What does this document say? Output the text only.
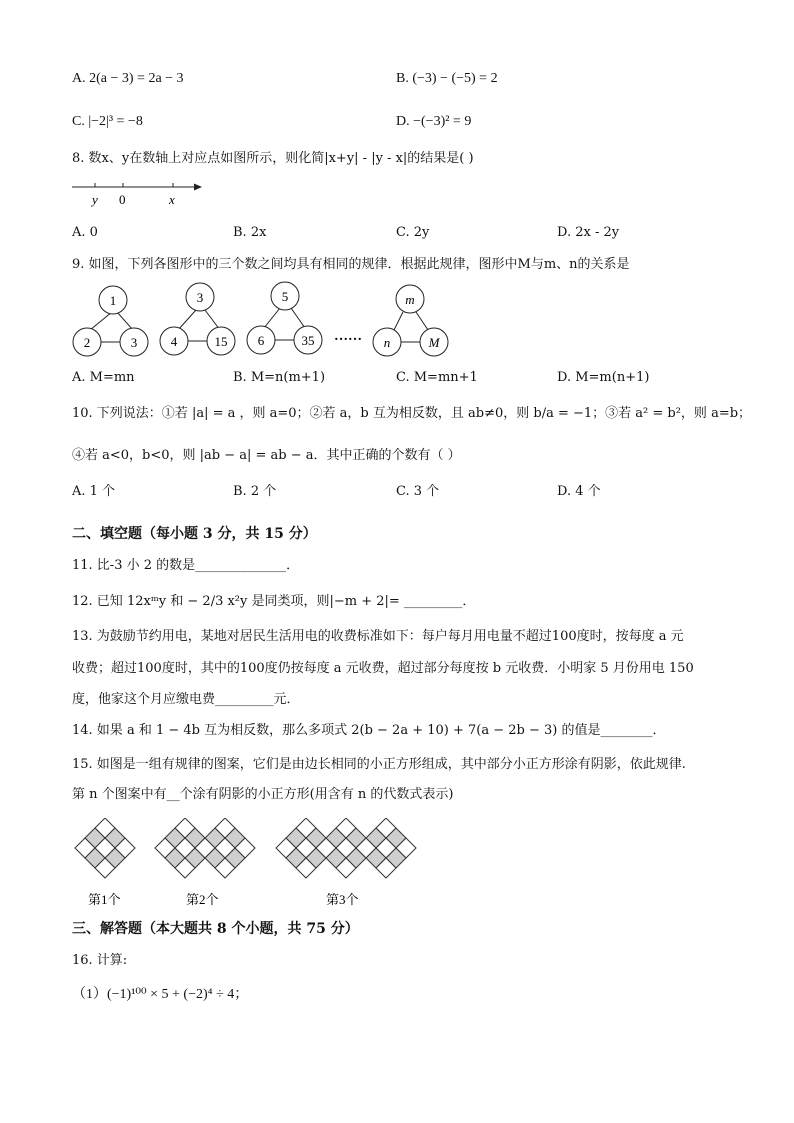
A. 2(a − 3) = 2a − 3	B. (−3) − (−5) = 2
C. |−2|³ = −8	D. −(−3)² = 9
8. 数x、y在数轴上对应点如图所示，则化简|x+y| - |y - x|的结果是( )
y 0	x
A. 0	B. 2x	C. 2y	D. 2x - 2y
9. 如图，下列各图形中的三个数之间均具有相同的规律．根据此规律，图形中M与m、n的关系是
1
2	3
3
4	15
5
6	35 ……
m
n	M
A. M=mn	B. M=n(m+1)	C. M=mn+1	D. M=m(n+1)
10. 下列说法：①若 |a| = a ，则 a=0；②若 a，b 互为相反数，且 ab≠0，则 b/a = −1；③若 a² = b²，则 a=b；
④若 a<0，b<0，则 |ab − a| = ab − a．其中正确的个数有（ ）
A. 1 个	B. 2 个	C. 3 个	D. 4 个
二、填空题（每小题 3 分，共 15 分）
11. 比-3 小 2 的数是______________．
12. 已知 12xᵐy 和 − 2/3 x²y 是同类项，则|−m + 2|= _________．
13. 为鼓励节约用电，某地对居民生活用电的收费标准如下：每户每月用电量不超过100度时，按每度 a 元
收费；超过100度时，其中的100度仍按每度 a 元收费，超过部分每度按 b 元收费．小明家 5 月份用电 150
度，他家这个月应缴电费_________元．
14. 如果 a 和 1 − 4b 互为相反数，那么多项式 2(b − 2a + 10) + 7(a − 2b − 3) 的值是________．
15. 如图是一组有规律的图案，它们是由边长相同的小正方形组成，其中部分小正方形涂有阴影，依此规律.
第 n 个图案中有__个涂有阴影的小正方形(用含有 n 的代数式表示)
第1个	第2个	第3个
三、解答题（本大题共 8 个小题，共 75 分）
16. 计算:
（1）(−1)¹⁰⁰ × 5 + (−2)⁴ ÷ 4；
